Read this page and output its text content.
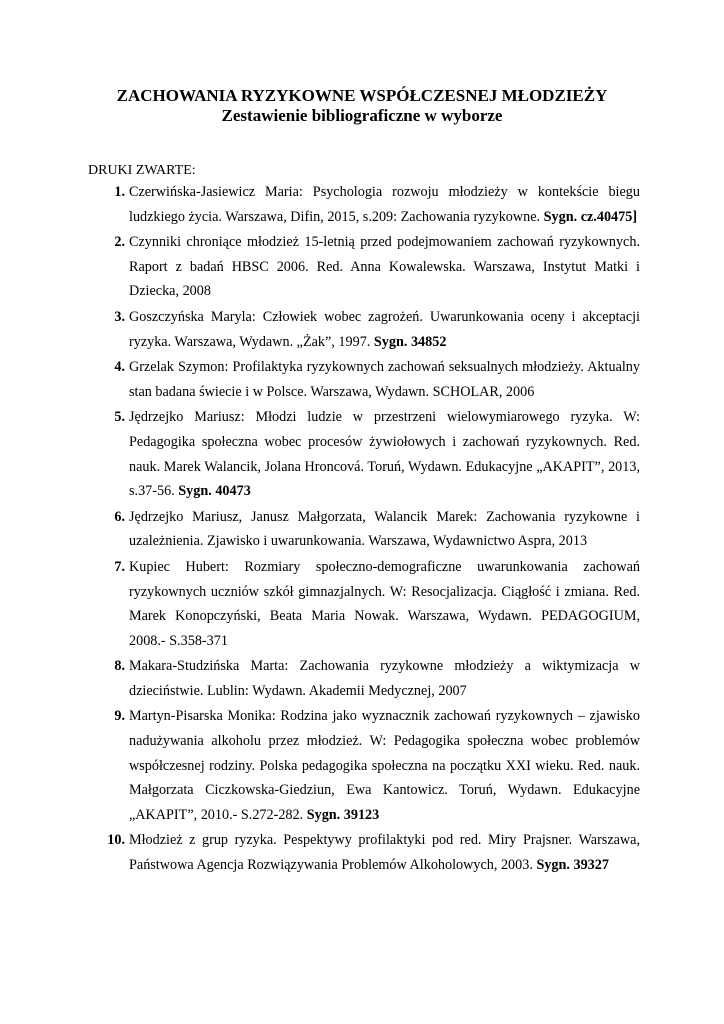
ZACHOWANIA RYZYKOWNE WSPÓŁCZESNEJ MŁODZIEŻY

Zestawienie bibliograficzne w wyborze

DRUKI ZWARTE:
1. Czerwińska-Jasiewicz Maria: Psychologia rozwoju młodzieży w kontekście biegu ludzkiego życia. Warszawa, Difin, 2015, s.209: Zachowania ryzykowne. Sygn. cz.40475]
2. Czynniki chroniące młodzież 15-letnią przed podejmowaniem zachowań ryzykownych. Raport z badań HBSC 2006. Red. Anna Kowalewska. Warszawa, Instytut Matki i Dziecka, 2008
3. Goszczyńska Maryla: Człowiek wobec zagrożeń. Uwarunkowania oceny i akceptacji ryzyka. Warszawa, Wydawn. „Żak”, 1997. Sygn. 34852
4. Grzelak Szymon: Profilaktyka ryzykownych zachowań seksualnych młodzieży. Aktualny stan badana świecie i w Polsce. Warszawa, Wydawn. SCHOLAR, 2006
5. Jędrzejko Mariusz: Młodzi ludzie w przestrzeni wielowymiarowego ryzyka. W: Pedagogika społeczna wobec procesów żywiołowych i zachowań ryzykownych. Red. nauk. Marek Walancik, Jolana Hroncová. Toruń, Wydawn. Edukacyjne „AKAPIT”, 2013, s.37-56. Sygn. 40473
6. Jędrzejko Mariusz, Janusz Małgorzata, Walancik Marek: Zachowania ryzykowne i uzależnienia. Zjawisko i uwarunkowania. Warszawa, Wydawnictwo Aspra, 2013
7. Kupiec Hubert: Rozmiary społeczno-demograficzne uwarunkowania zachowań ryzykownych uczniów szkół gimnazjalnych. W: Resocjalizacja. Ciągłość i zmiana. Red. Marek Konopczyński, Beata Maria Nowak. Warszawa, Wydawn. PEDAGOGIUM, 2008.- S.358-371
8. Makara-Studzińska Marta: Zachowania ryzykowne młodzieży a wiktymizacja w dzieciństwie. Lublin: Wydawn. Akademii Medycznej, 2007
9. Martyn-Pisarska Monika: Rodzina jako wyznacznik zachowań ryzykownych – zjawisko nadużywania alkoholu przez młodzież. W: Pedagogika społeczna wobec problemów współczesnej rodziny. Polska pedagogika społeczna na początku XXI wieku. Red. nauk. Małgorzata Ciczkowska-Giedziun, Ewa Kantowicz. Toruń, Wydawn. Edukacyjne „AKAPIT”, 2010.- S.272-282. Sygn. 39123
10. Młodzież z grup ryzyka. Pespektywy profilaktyki pod red. Miry Prajsner. Warszawa, Państwowa Agencja Rozwiązywania Problemów Alkoholowych, 2003. Sygn. 39327
